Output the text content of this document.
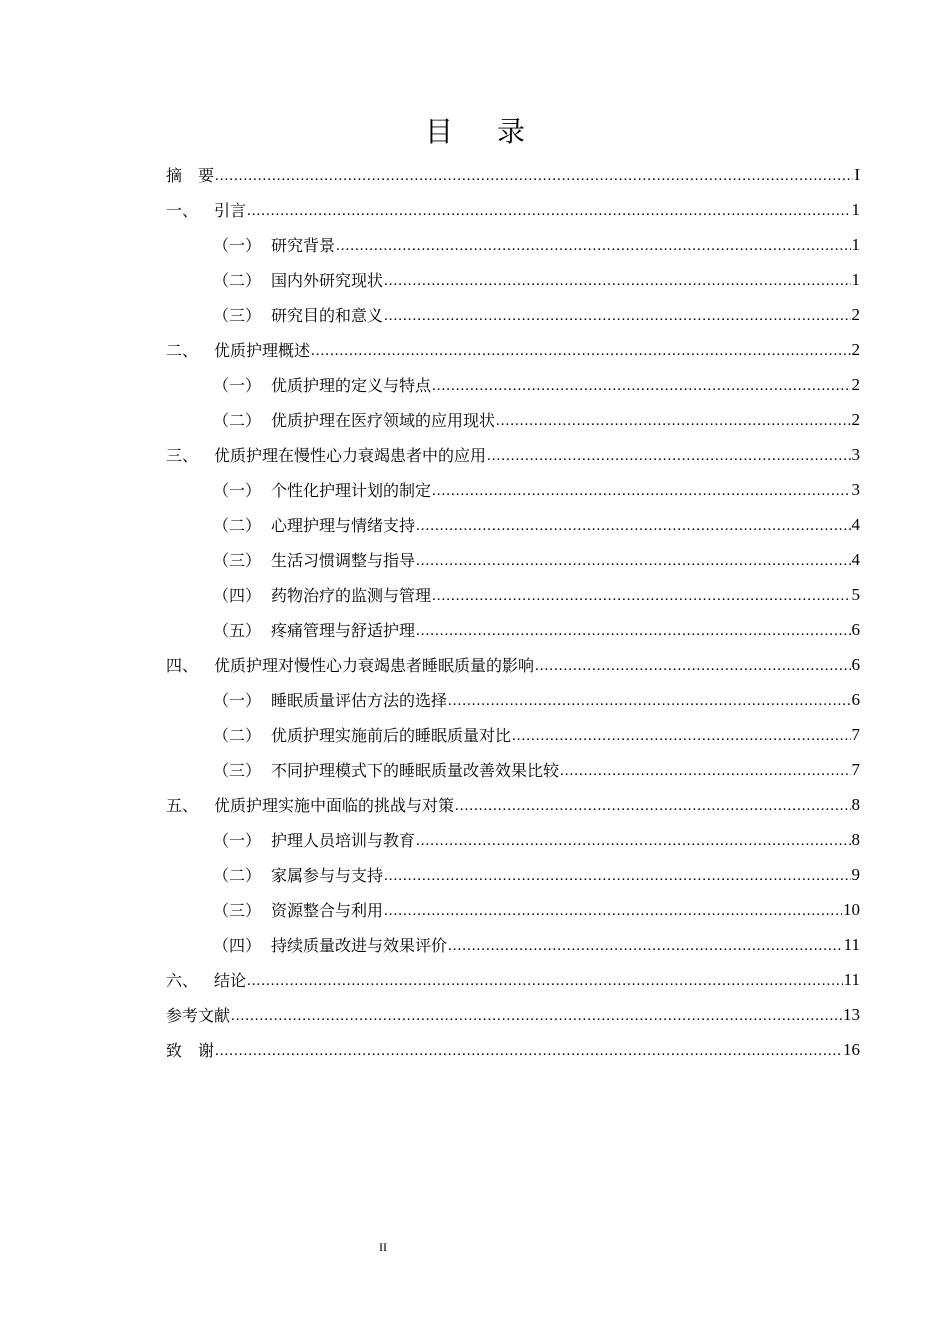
目录
摘　要 .....	I
一、 引言 .....	1
（一） 研究背景 .....	1
（二） 国内外研究现状 .....	1
（三） 研究目的和意义 .....	2
二、 优质护理概述 .....	2
（一） 优质护理的定义与特点 .....	2
（二） 优质护理在医疗领域的应用现状 .....	2
三、 优质护理在慢性心力衰竭患者中的应用 .....	3
（一） 个性化护理计划的制定 .....	3
（二） 心理护理与情绪支持 .....	4
（三） 生活习惯调整与指导 .....	4
（四） 药物治疗的监测与管理 .....	5
（五） 疼痛管理与舒适护理 .....	6
四、 优质护理对慢性心力衰竭患者睡眠质量的影响 .....	6
（一） 睡眠质量评估方法的选择 .....	6
（二） 优质护理实施前后的睡眠质量对比 .....	7
（三） 不同护理模式下的睡眠质量改善效果比较 .....	7
五、 优质护理实施中面临的挑战与对策 .....	8
（一） 护理人员培训与教育 .....	8
（二） 家属参与与支持 .....	9
（三） 资源整合与利用 .....	10
（四） 持续质量改进与效果评价 .....	11
六、 结论 .....	11
参考文献 .....	13
致　谢 .....	16
II
